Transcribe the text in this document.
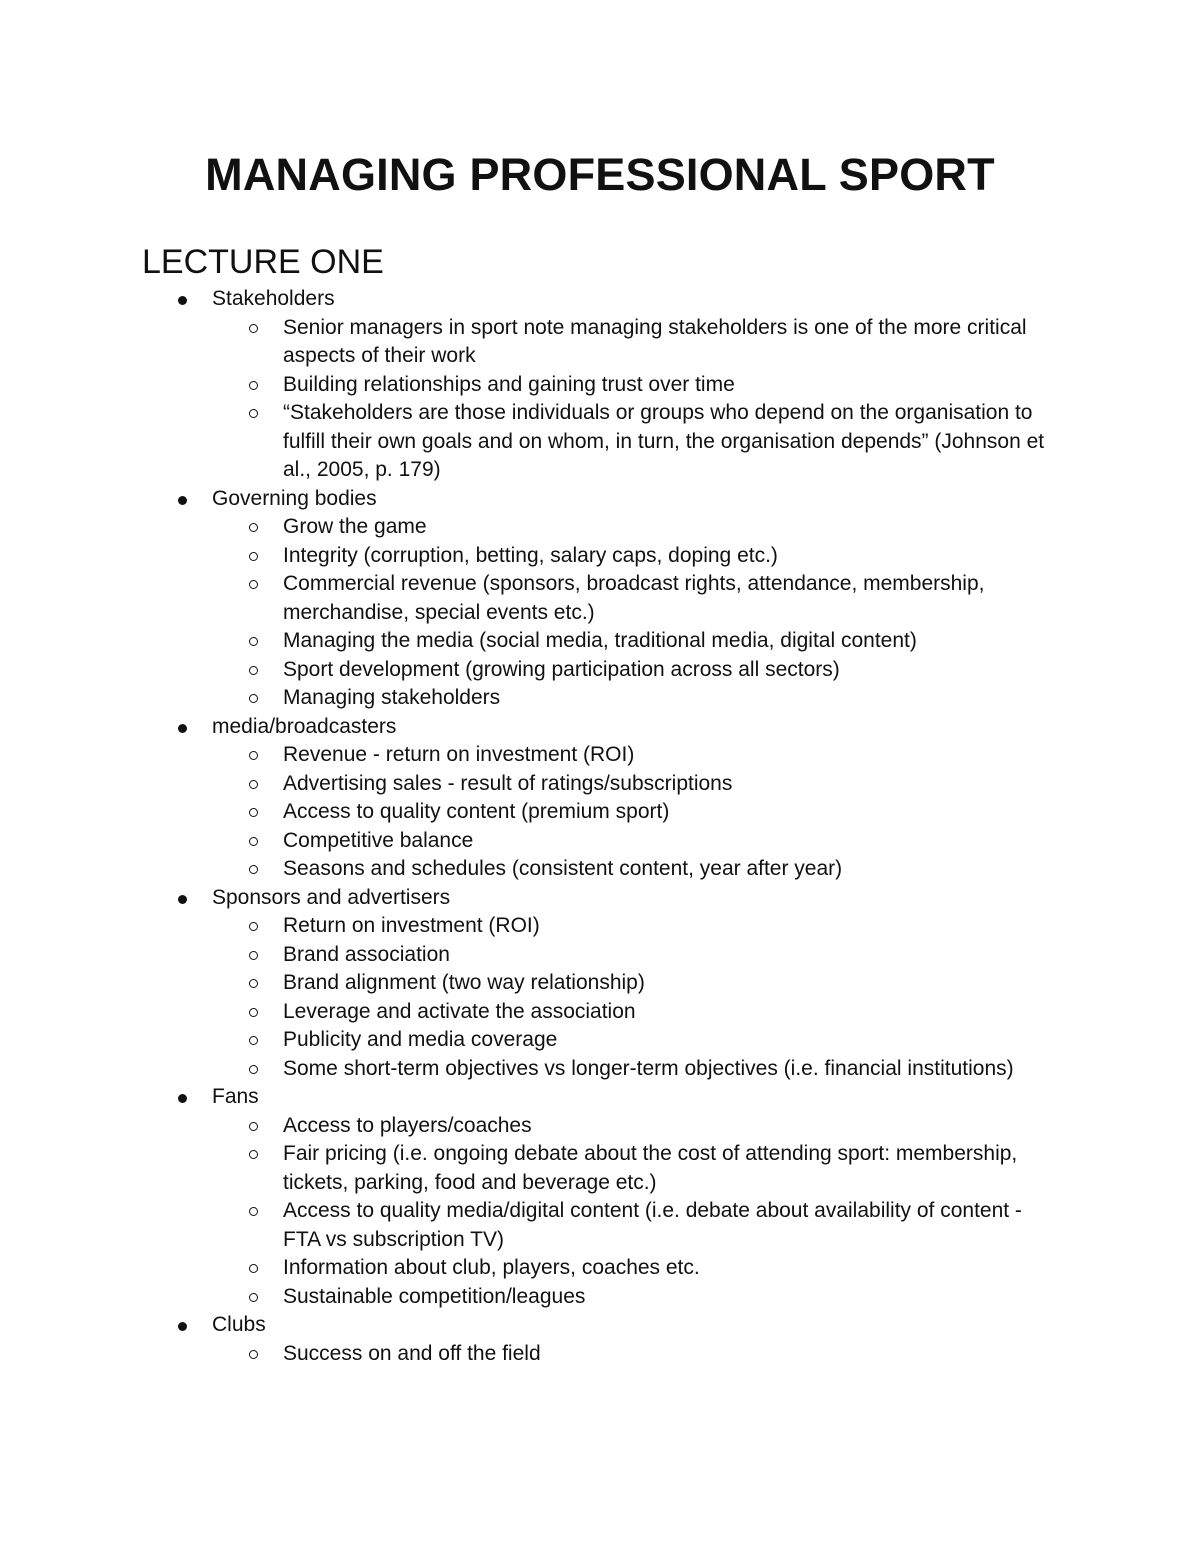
MANAGING PROFESSIONAL SPORT
LECTURE ONE
Stakeholders
Senior managers in sport note managing stakeholders is one of the more critical aspects of their work
Building relationships and gaining trust over time
“Stakeholders are those individuals or groups who depend on the organisation to fulfill their own goals and on whom, in turn, the organisation depends” (Johnson et al., 2005, p. 179)
Governing bodies
Grow the game
Integrity (corruption, betting, salary caps, doping etc.)
Commercial revenue (sponsors, broadcast rights, attendance, membership, merchandise, special events etc.)
Managing the media (social media, traditional media, digital content)
Sport development (growing participation across all sectors)
Managing stakeholders
media/broadcasters
Revenue - return on investment (ROI)
Advertising sales - result of ratings/subscriptions
Access to quality content (premium sport)
Competitive balance
Seasons and schedules (consistent content, year after year)
Sponsors and advertisers
Return on investment (ROI)
Brand association
Brand alignment (two way relationship)
Leverage and activate the association
Publicity and media coverage
Some short-term objectives vs longer-term objectives (i.e. financial institutions)
Fans
Access to players/coaches
Fair pricing (i.e. ongoing debate about the cost of attending sport: membership, tickets, parking, food and beverage etc.)
Access to quality media/digital content (i.e. debate about availability of content - FTA vs subscription TV)
Information about club, players, coaches etc.
Sustainable competition/leagues
Clubs
Success on and off the field
